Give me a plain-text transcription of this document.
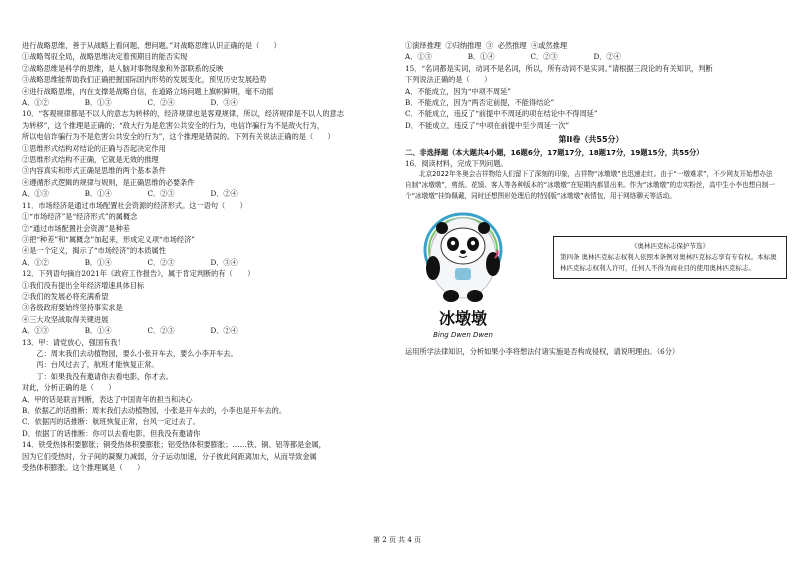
进行战略思维，善于从战略上看问题、想问题。”对战略思维认识正确的是（　　）
①战略驾驭全局，战略思维决定着预期目的能否实现
②战略思维是科学的思维，是人脑对事物现象和外部联系的反映
③战略思维能帮助我们正确把握国际国内形势的发展变化，预见历史发展趋势
④进行战略思维，内在支撑是战略自信，在道路立场问题上旗帜鲜明，毫不动摇
A．①②　　　　　B．①③　　　　　C．②④　　　　　D．③④
10．“客观规律都是不以人的意志为转移的，经济规律也是客观规律，所以，经济规律是不以人的意志
为转移”，这个推理是正确的；“敌大行为是危害公共安全的行为，电信诈骗行为不是敌火行为，
所以电信诈骗行为不是危害公共安全的行为”，这个推理是错误的。下列有关说法正确的是（　　）
①思维形式结构对结论的正确与否起决定作用
②思维形式结构不正确，它就是无效的推理
③内容真实和形式正确是思维的两个基本条件
④遵循形式逻辑的规律与规则，是正确思维的必要条件
A．①③　　　　　B．①④　　　　　C．②③　　　　　D．②④
11．市场经济是通过市场配置社会资源的经济形式。这一语句（　　）
①“市场经济”是“经济形式”的属概念
②“通过市场配置社会资源”是种差
③把“种差”和“属概念”加起来，形成定义项“市场经济”
④是一个定义，揭示了“市场经济”的本质属性
A．①②　　　　　B．①④　　　　　C．②③　　　　　D．③④
12．下列语句摘自2021年《政府工作报告》，属于肯定判断的有（　　）
①我们没有提出全年经济增速具体目标
②我们的发展必将充满希望
③各级政府要始终坚持事实求是
④三大攻坚战取得关键进展
A．①③　　　　　B．①④　　　　　C．②③　　　　　D．②④
13．甲：请党放心，强国有我！
　　乙：周末我们去动植物园，要么小张开车去，要么小李开车去。
　　丙：台风过去了，航班才能恢复正常。
　　丁：如果我没有邀请你去看电影，你才去。
对此，分析正确的是（　　）
A．甲的话是联言判断，表达了中国青年的担当和决心
B．依据乙的话推断：周末我们去动植物园，小张是开车去的，小李也是开车去的。
C．依据丙的话推断：航班恢复正常，台风一定过去了。
D．依据丁的话推断：你可以去看电影，但我没有邀请你
14．铁受热体积要膨胀；铜受热体积要膨胀；铝受热体积要膨胀；……铁、铜、铝等都是金属，
因为它们受热时，分子间的凝聚力减弱，分子运动加速，分子彼此间距离加大，从而导致金属
受热体积膨胀。这个推理属是（　　）
①演绎推理  ②归纳推理  ③  必然推理  ④或然推理
A．①③　　　　　B．①④　　　　　C．②③　　　　　D．②④
15．“名词都是实词，动词不是名词，所以，所有动词不是实词。”请根据三段论的有关知识，判断
下列说法正确的是（　　）
A．不能成立，因为“中项不周延”
B．不能成立，因为“两否定前提，不能得结论”
C．不能成立，违反了“前提中不周延的项在结论中不得周延”
D．不能成立，违反了“中项在前提中至少周延一次”
第II卷（共55分）
二、非选择题（本大题共4小题，16题6分，17题17分，18题17分，19题15分，共55分）
16．阅读材料，完成下列问题。
北京2022年冬奥会吉祥物给人们留下了深刻的印象，吉祥物“冰墩墩”也迅速走红。由于“一墩难求”，不少网友开始想办法自制“冰墩墩”，剪纸、花馍、客人等各种版本的“冰墩墩”在短期内都冒出来。作为“冰墩墩”的忠实粉丝，高中生小李也想自制一个“冰墩墩”挂饰佩戴，同时还想图形处理后的特别版“冰墩墩”表情包，用于网络聊天等活动。
冰墩墩
Bing Dwen Dwen
《奥林匹克标志保护节选》
第四条 奥林匹克标志权利人依照本条例对奥林匹克标志享有专有权。本标奥林匹克标志权利人许可，任何人不得为商业目的使用奥林匹克标志。
运用所学法律知识，分析如果小李将想法付诸实施是否构成侵权，请说明理由。（6分）
第 2 页 共 4 页
